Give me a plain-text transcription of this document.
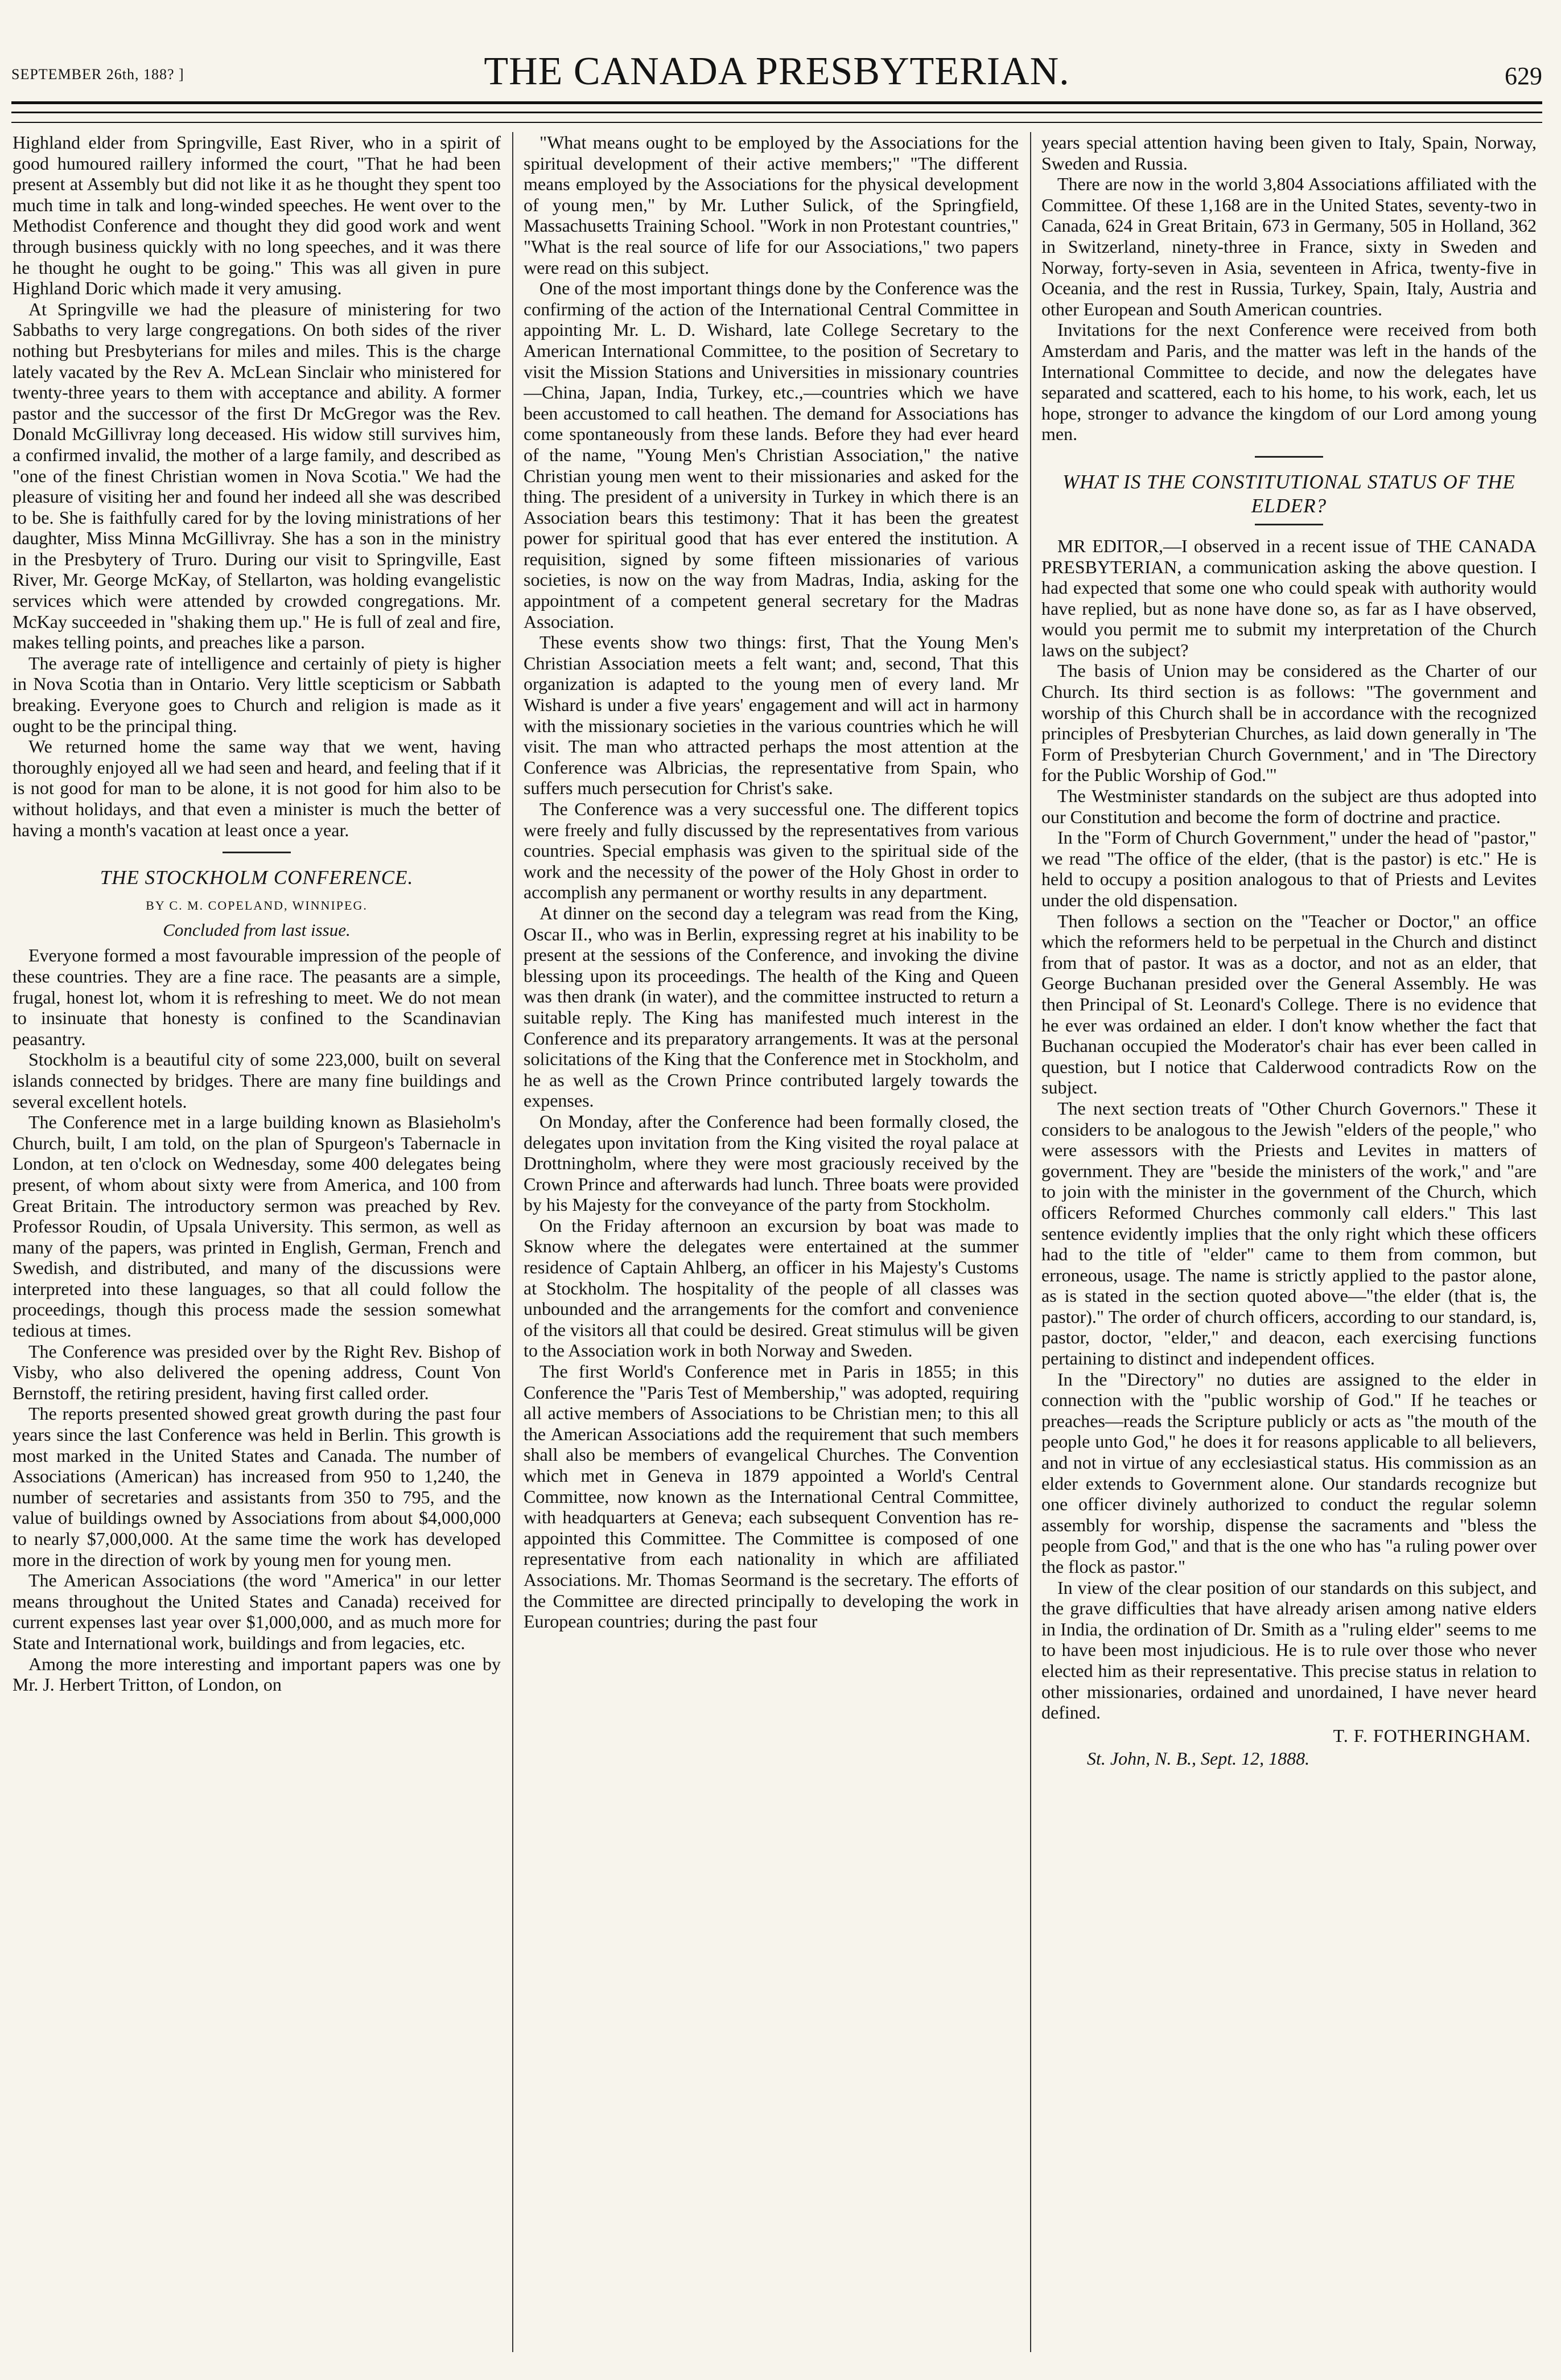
SEPTEMBER 26th, 188? ]	THE CANADA PRESBYTERIAN.	629

Highland elder from Springville, East River, who in a spirit of good humoured raillery informed the court, "That he had been present at Assembly but did not like it as he thought they spent too much time in talk and long-winded speeches. He went over to the Methodist Conference and thought they did good work and went through business quickly with no long speeches, and it was there he thought he ought to be going." This was all given in pure Highland Doric which made it very amusing.

At Springville we had the pleasure of ministering for two Sabbaths to very large congregations. On both sides of the river nothing but Presbyterians for miles and miles. This is the charge lately vacated by the Rev A. McLean Sinclair who ministered for twenty-three years to them with acceptance and ability. A former pastor and the successor of the first Dr McGregor was the Rev. Donald McGillivray long deceased. His widow still survives him, a confirmed invalid, the mother of a large family, and described as "one of the finest Christian women in Nova Scotia." We had the pleasure of visiting her and found her indeed all she was described to be. She is faithfully cared for by the loving ministrations of her daughter, Miss Minna McGillivray. She has a son in the ministry in the Presbytery of Truro. During our visit to Springville, East River, Mr. George McKay, of Stellarton, was holding evangelistic services which were attended by crowded congregations. Mr. McKay succeeded in "shaking them up." He is full of zeal and fire, makes telling points, and preaches like a parson.

The average rate of intelligence and certainly of piety is higher in Nova Scotia than in Ontario. Very little scepticism or Sabbath breaking. Everyone goes to Church and religion is made as it ought to be the principal thing.

We returned home the same way that we went, having thoroughly enjoyed all we had seen and heard, and feeling that if it is not good for man to be alone, it is not good for him also to be without holidays, and that even a minister is much the better of having a month's vacation at least once a year.

THE STOCKHOLM CONFERENCE.
BY C. M. COPELAND, WINNIPEG.
Concluded from last issue.

Everyone formed a most favourable impression of the people of these countries. They are a fine race. The peasants are a simple, frugal, honest lot, whom it is refreshing to meet. We do not mean to insinuate that honesty is confined to the Scandinavian peasantry.

Stockholm is a beautiful city of some 223,000, built on several islands connected by bridges. There are many fine buildings and several excellent hotels.

The Conference met in a large building known as Blasieholm's Church, built, I am told, on the plan of Spurgeon's Tabernacle in London, at ten o'clock on Wednesday, some 400 delegates being present, of whom about sixty were from America, and 100 from Great Britain. The introductory sermon was preached by Rev. Professor Roudin, of Upsala University. This sermon, as well as many of the papers, was printed in English, German, French and Swedish, and distributed, and many of the discussions were interpreted into these languages, so that all could follow the proceedings, though this process made the session somewhat tedious at times.

The Conference was presided over by the Right Rev. Bishop of Visby, who also delivered the opening address, Count Von Bernstoff, the retiring president, having first called order.

The reports presented showed great growth during the past four years since the last Conference was held in Berlin. This growth is most marked in the United States and Canada. The number of Associations (American) has increased from 950 to 1,240, the number of secretaries and assistants from 350 to 795, and the value of buildings owned by Associations from about $4,000,000 to nearly $7,000,000. At the same time the work has developed more in the direction of work by young men for young men.

The American Associations (the word "America" in our letter means throughout the United States and Canada) received for current expenses last year over $1,000,000, and as much more for State and International work, buildings and from legacies, etc.

Among the more interesting and important papers was one by Mr. J. Herbert Tritton, of London, on

"What means ought to be employed by the Associations for the spiritual development of their active members;" "The different means employed by the Associations for the physical development of young men," by Mr. Luther Sulick, of the Springfield, Massachusetts Training School. "Work in non Protestant countries," "What is the real source of life for our Associations," two papers were read on this subject.

One of the most important things done by the Conference was the confirming of the action of the International Central Committee in appointing Mr. L. D. Wishard, late College Secretary to the American International Committee, to the position of Secretary to visit the Mission Stations and Universities in missionary countries—China, Japan, India, Turkey, etc.,—countries which we have been accustomed to call heathen. The demand for Associations has come spontaneously from these lands. Before they had ever heard of the name, "Young Men's Christian Association," the native Christian young men went to their missionaries and asked for the thing. The president of a university in Turkey in which there is an Association bears this testimony: That it has been the greatest power for spiritual good that has ever entered the institution. A requisition, signed by some fifteen missionaries of various societies, is now on the way from Madras, India, asking for the appointment of a competent general secretary for the Madras Association.

These events show two things: first, That the Young Men's Christian Association meets a felt want; and, second, That this organization is adapted to the young men of every land. Mr Wishard is under a five years' engagement and will act in harmony with the missionary societies in the various countries which he will visit. The man who attracted perhaps the most attention at the Conference was Albricias, the representative from Spain, who suffers much persecution for Christ's sake.

The Conference was a very successful one. The different topics were freely and fully discussed by the representatives from various countries. Special emphasis was given to the spiritual side of the work and the necessity of the power of the Holy Ghost in order to accomplish any permanent or worthy results in any department.

At dinner on the second day a telegram was read from the King, Oscar II., who was in Berlin, expressing regret at his inability to be present at the sessions of the Conference, and invoking the divine blessing upon its proceedings. The health of the King and Queen was then drank (in water), and the committee instructed to return a suitable reply. The King has manifested much interest in the Conference and its preparatory arrangements. It was at the personal solicitations of the King that the Conference met in Stockholm, and he as well as the Crown Prince contributed largely towards the expenses.

On Monday, after the Conference had been formally closed, the delegates upon invitation from the King visited the royal palace at Drottningholm, where they were most graciously received by the Crown Prince and afterwards had lunch. Three boats were provided by his Majesty for the conveyance of the party from Stockholm.

On the Friday afternoon an excursion by boat was made to Sknow where the delegates were entertained at the summer residence of Captain Ahlberg, an officer in his Majesty's Customs at Stockholm. The hospitality of the people of all classes was unbounded and the arrangements for the comfort and convenience of the visitors all that could be desired. Great stimulus will be given to the Association work in both Norway and Sweden.

The first World's Conference met in Paris in 1855; in this Conference the "Paris Test of Membership," was adopted, requiring all active members of Associations to be Christian men; to this all the American Associations add the requirement that such members shall also be members of evangelical Churches. The Convention which met in Geneva in 1879 appointed a World's Central Committee, now known as the International Central Committee, with headquarters at Geneva; each subsequent Convention has re-appointed this Committee. The Committee is composed of one representative from each nationality in which are affiliated Associations. Mr. Thomas Seormand is the secretary. The efforts of the Committee are directed principally to developing the work in European countries; during the past four

years special attention having been given to Italy, Spain, Norway, Sweden and Russia.

There are now in the world 3,804 Associations affiliated with the Committee. Of these 1,168 are in the United States, seventy-two in Canada, 624 in Great Britain, 673 in Germany, 505 in Holland, 362 in Switzerland, ninety-three in France, sixty in Sweden and Norway, forty-seven in Asia, seventeen in Africa, twenty-five in Oceania, and the rest in Russia, Turkey, Spain, Italy, Austria and other European and South American countries.

Invitations for the next Conference were received from both Amsterdam and Paris, and the matter was left in the hands of the International Committee to decide, and now the delegates have separated and scattered, each to his home, to his work, each, let us hope, stronger to advance the kingdom of our Lord among young men.

WHAT IS THE CONSTITUTIONAL STATUS OF THE ELDER?

MR EDITOR,—I observed in a recent issue of THE CANADA PRESBYTERIAN, a communication asking the above question. I had expected that some one who could speak with authority would have replied, but as none have done so, as far as I have observed, would you permit me to submit my interpretation of the Church laws on the subject?

The basis of Union may be considered as the Charter of our Church. Its third section is as follows: "The government and worship of this Church shall be in accordance with the recognized principles of Presbyterian Churches, as laid down generally in 'The Form of Presbyterian Church Government,' and in 'The Directory for the Public Worship of God.'"

The Westminister standards on the subject are thus adopted into our Constitution and become the form of doctrine and practice.

In the "Form of Church Government," under the head of "pastor," we read "The office of the elder, (that is the pastor) is etc." He is held to occupy a position analogous to that of Priests and Levites under the old dispensation.

Then follows a section on the "Teacher or Doctor," an office which the reformers held to be perpetual in the Church and distinct from that of pastor. It was as a doctor, and not as an elder, that George Buchanan presided over the General Assembly. He was then Principal of St. Leonard's College. There is no evidence that he ever was ordained an elder. I don't know whether the fact that Buchanan occupied the Moderator's chair has ever been called in question, but I notice that Calderwood contradicts Row on the subject.

The next section treats of "Other Church Governors." These it considers to be analogous to the Jewish "elders of the people," who were assessors with the Priests and Levites in matters of government. They are "beside the ministers of the work," and "are to join with the minister in the government of the Church, which officers Reformed Churches commonly call elders." This last sentence evidently implies that the only right which these officers had to the title of "elder" came to them from common, but erroneous, usage. The name is strictly applied to the pastor alone, as is stated in the section quoted above—"the elder (that is, the pastor)." The order of church officers, according to our standard, is, pastor, doctor, "elder," and deacon, each exercising functions pertaining to distinct and independent offices.

In the "Directory" no duties are assigned to the elder in connection with the "public worship of God." If he teaches or preaches—reads the Scripture publicly or acts as "the mouth of the people unto God," he does it for reasons applicable to all believers, and not in virtue of any ecclesiastical status. His commission as an elder extends to Government alone. Our standards recognize but one officer divinely authorized to conduct the regular solemn assembly for worship, dispense the sacraments and "bless the people from God," and that is the one who has "a ruling power over the flock as pastor."

In view of the clear position of our standards on this subject, and the grave difficulties that have already arisen among native elders in India, the ordination of Dr. Smith as a "ruling elder" seems to me to have been most injudicious. He is to rule over those who never elected him as their representative. This precise status in relation to other missionaries, ordained and unordained, I have never heard defined.

T. F. FOTHERINGHAM.
St. John, N. B., Sept. 12, 1888.
